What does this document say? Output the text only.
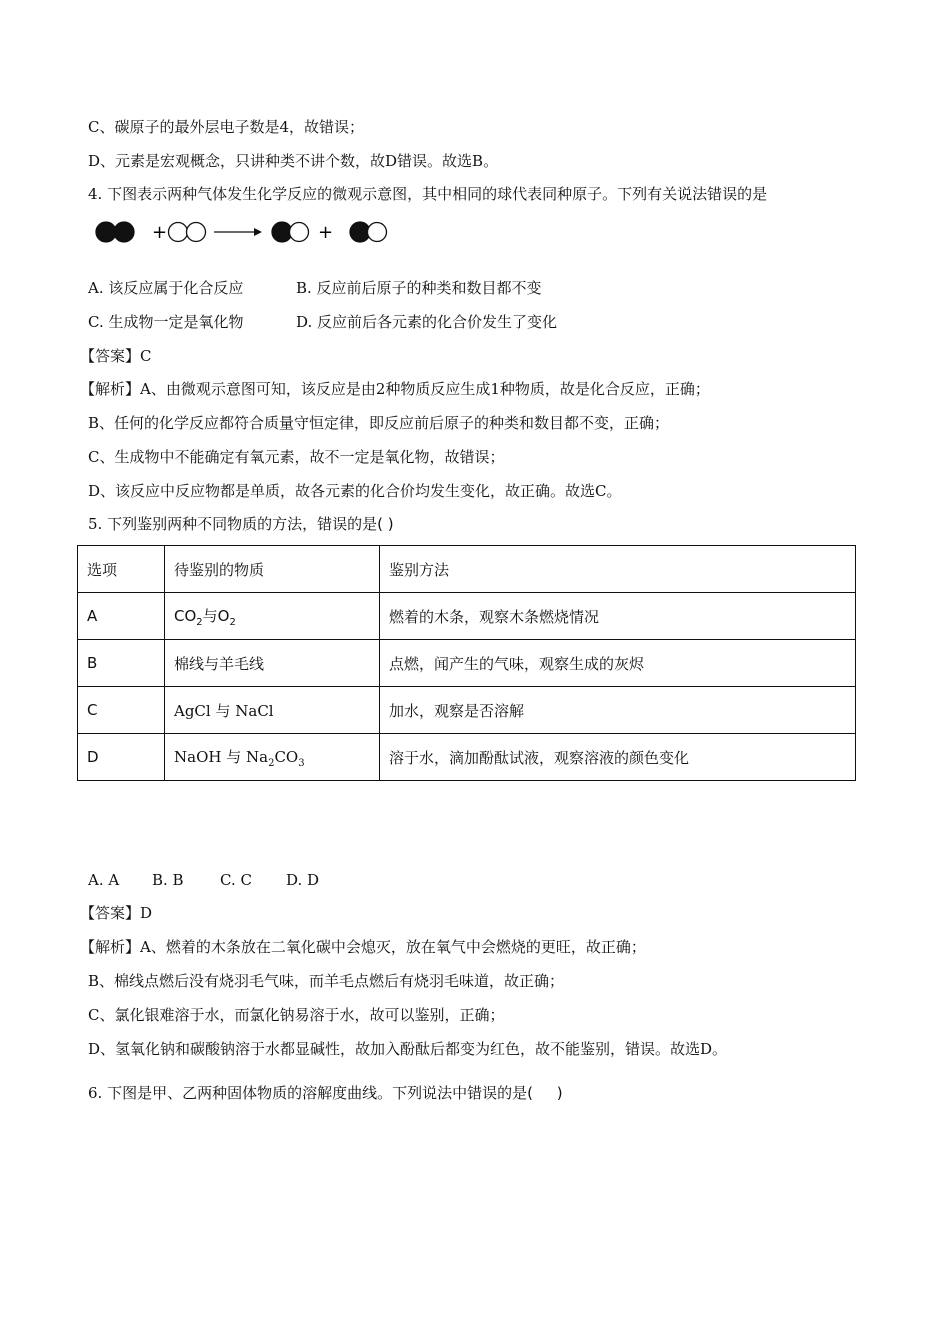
C、碳原子的最外层电子数是4，故错误；
D、元素是宏观概念，只讲种类不讲个数，故D错误。故选B。
4. 下图表示两种气体发生化学反应的微观示意图，其中相同的球代表同种原子。下列有关说法错误的是
+	+
A. 该反应属于化合反应	B. 反应前后原子的种类和数目都不变
C. 生成物一定是氧化物	D. 反应前后各元素的化合价发生了变化
【答案】C
【解析】A、由微观示意图可知，该反应是由2种物质反应生成1种物质，故是化合反应，正确；
B、任何的化学反应都符合质量守恒定律，即反应前后原子的种类和数目都不变，正确；
C、生成物中不能确定有氧元素，故不一定是氧化物，故错误；
D、该反应中反应物都是单质，故各元素的化合价均发生变化，故正确。故选C。
5. 下列鉴别两种不同物质的方法，错误的是( )
选项	待鉴别的物质	鉴别方法
A	$CO_2$与$O_2$	燃着的木条，观察木条燃烧情况
B	棉线与羊毛线	点燃，闻产生的气味，观察生成的灰烬
C	AgCl 与 NaCl	加水，观察是否溶解
D	NaOH 与 $Na_2CO_3$	溶于水，滴加酚酞试液，观察溶液的颜色变化
A. A B. B C. C D. D
【答案】D
【解析】A、燃着的木条放在二氧化碳中会熄灭，放在氧气中会燃烧的更旺，故正确；
B、棉线点燃后没有烧羽毛气味，而羊毛点燃后有烧羽毛味道，故正确；
C、氯化银难溶于水，而氯化钠易溶于水，故可以鉴别，正确；
D、氢氧化钠和碳酸钠溶于水都显碱性，故加入酚酞后都变为红色，故不能鉴别，错误。故选D。
6. 下图是甲、乙两种固体物质的溶解度曲线。下列说法中错误的是(     )
